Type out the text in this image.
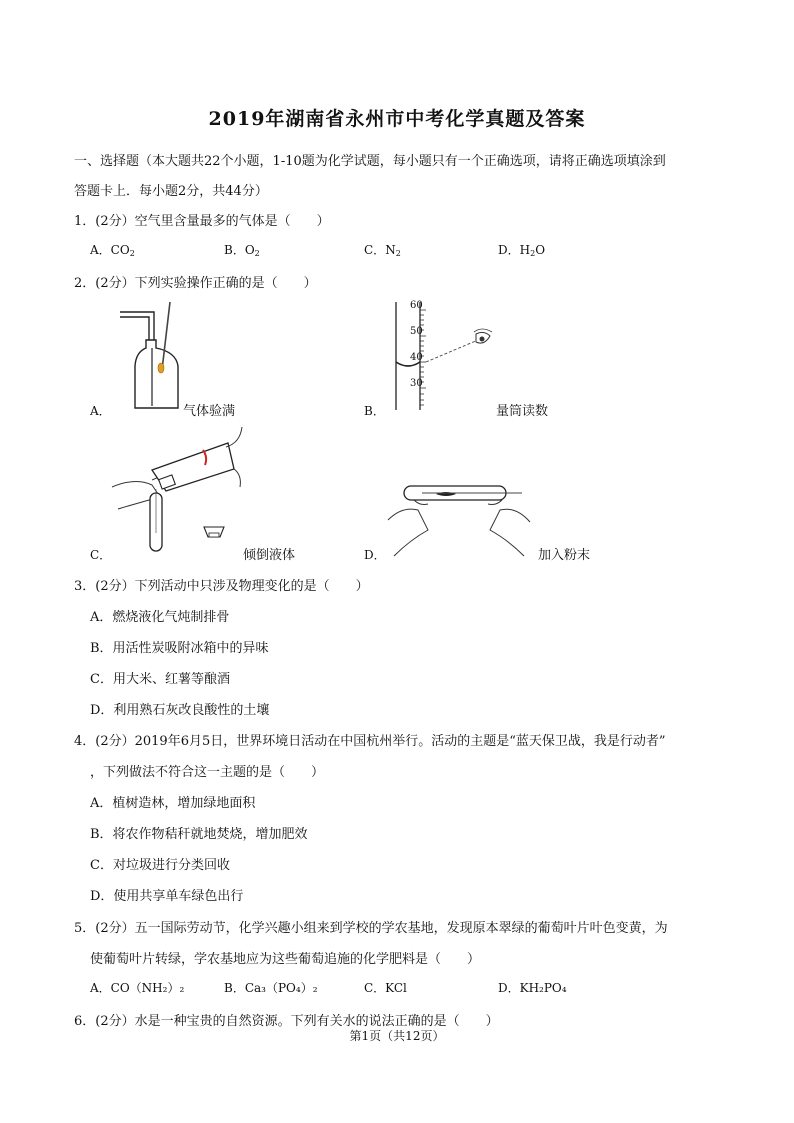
2019年湖南省永州市中考化学真题及答案
一、选择题（本大题共22个小题，1-10题为化学试题，每小题只有一个正确选项，请将正确选项填涂到
答题卡上．每小题2分，共44分）
1．(2分）空气里含量最多的气体是（　　）
A．$CO_2$	B．$O_2$	C．$N_2$	D．$H_2O$
2．(2分）下列实验操作正确的是（　　）
A．	气体验满
60
50
40
30
B．	量筒读数
C．	倾倒液体	D．	加入粉末
3．(2分）下列活动中只涉及物理变化的是（　　）
A．燃烧液化气炖制排骨
B．用活性炭吸附冰箱中的异味
C．用大米、红薯等酿酒
D．利用熟石灰改良酸性的土壤
4．(2分）2019年6月5日，世界环境日活动在中国杭州举行。活动的主题是“蓝天保卫战，我是行动者”
，下列做法不符合这一主题的是（　　）
A．植树造林，增加绿地面积
B．将农作物秸秆就地焚烧，增加肥效
C．对垃圾进行分类回收
D．使用共享单车绿色出行
5．(2分）五一国际劳动节，化学兴趣小组来到学校的学农基地，发现原本翠绿的葡萄叶片叶色变黄，为
使葡萄叶片转绿，学农基地应为这些葡萄追施的化学肥料是（　　）
A．CO（NH₂）₂	B．Ca₃（PO₄）₂	C．KCl	D．KH₂PO₄
6．(2分）水是一种宝贵的自然资源。下列有关水的说法正确的是（　　）
第1页（共12页）
